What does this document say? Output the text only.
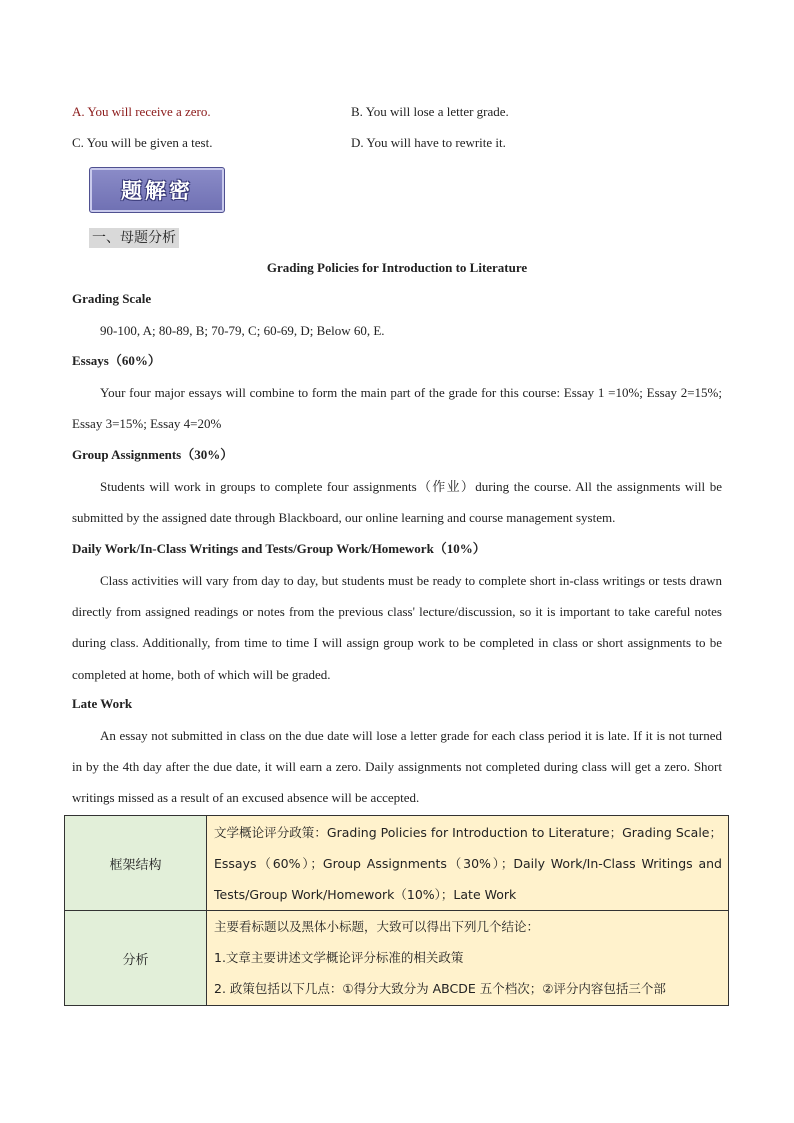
A. You will receive a zero.	B. You will lose a letter grade.
C. You will be given a test.	D. You will have to rewrite it.
题解密
一、母题分析
Grading Policies for Introduction to Literature
Grading Scale

90-100, A; 80-89, B; 70-79, C; 60-69, D; Below 60, E.

Essays（60%）

Your four major essays will combine to form the main part of the grade for this course: Essay 1 =10%; Essay 2=15%; Essay 3=15%; Essay 4=20%

Group Assignments（30%）

Students will work in groups to complete four assignments（作业）during the course. All the assignments will be submitted by the assigned date through Blackboard, our online learning and course management system.

Daily Work/In-Class Writings and Tests/Group Work/Homework（10%）

Class activities will vary from day to day, but students must be ready to complete short in-class writings or tests drawn directly from assigned readings or notes from the previous class' lecture/discussion, so it is important to take careful notes during class. Additionally, from time to time I will assign group work to be completed in class or short assignments to be completed at home, both of which will be graded.

Late Work

An essay not submitted in class on the due date will lose a letter grade for each class period it is late. If it is not turned in by the 4th day after the due date, it will earn a zero. Daily assignments not completed during class will get a zero. Short writings missed as a result of an excused absence will be accepted.

框架结构	文学概论评分政策：Grading Policies for Introduction to Literature；Grading Scale；Essays（60%）；Group Assignments（30%）；Daily Work/In-Class Writings and Tests/Group Work/Homework（10%）；Late Work
分析	主要看标题以及黑体小标题，大致可以得出下列几个结论：
1.文章主要讲述文学概论评分标准的相关政策
2. 政策包括以下几点：①得分大致分为 ABCDE 五个档次；②评分内容包括三个部
